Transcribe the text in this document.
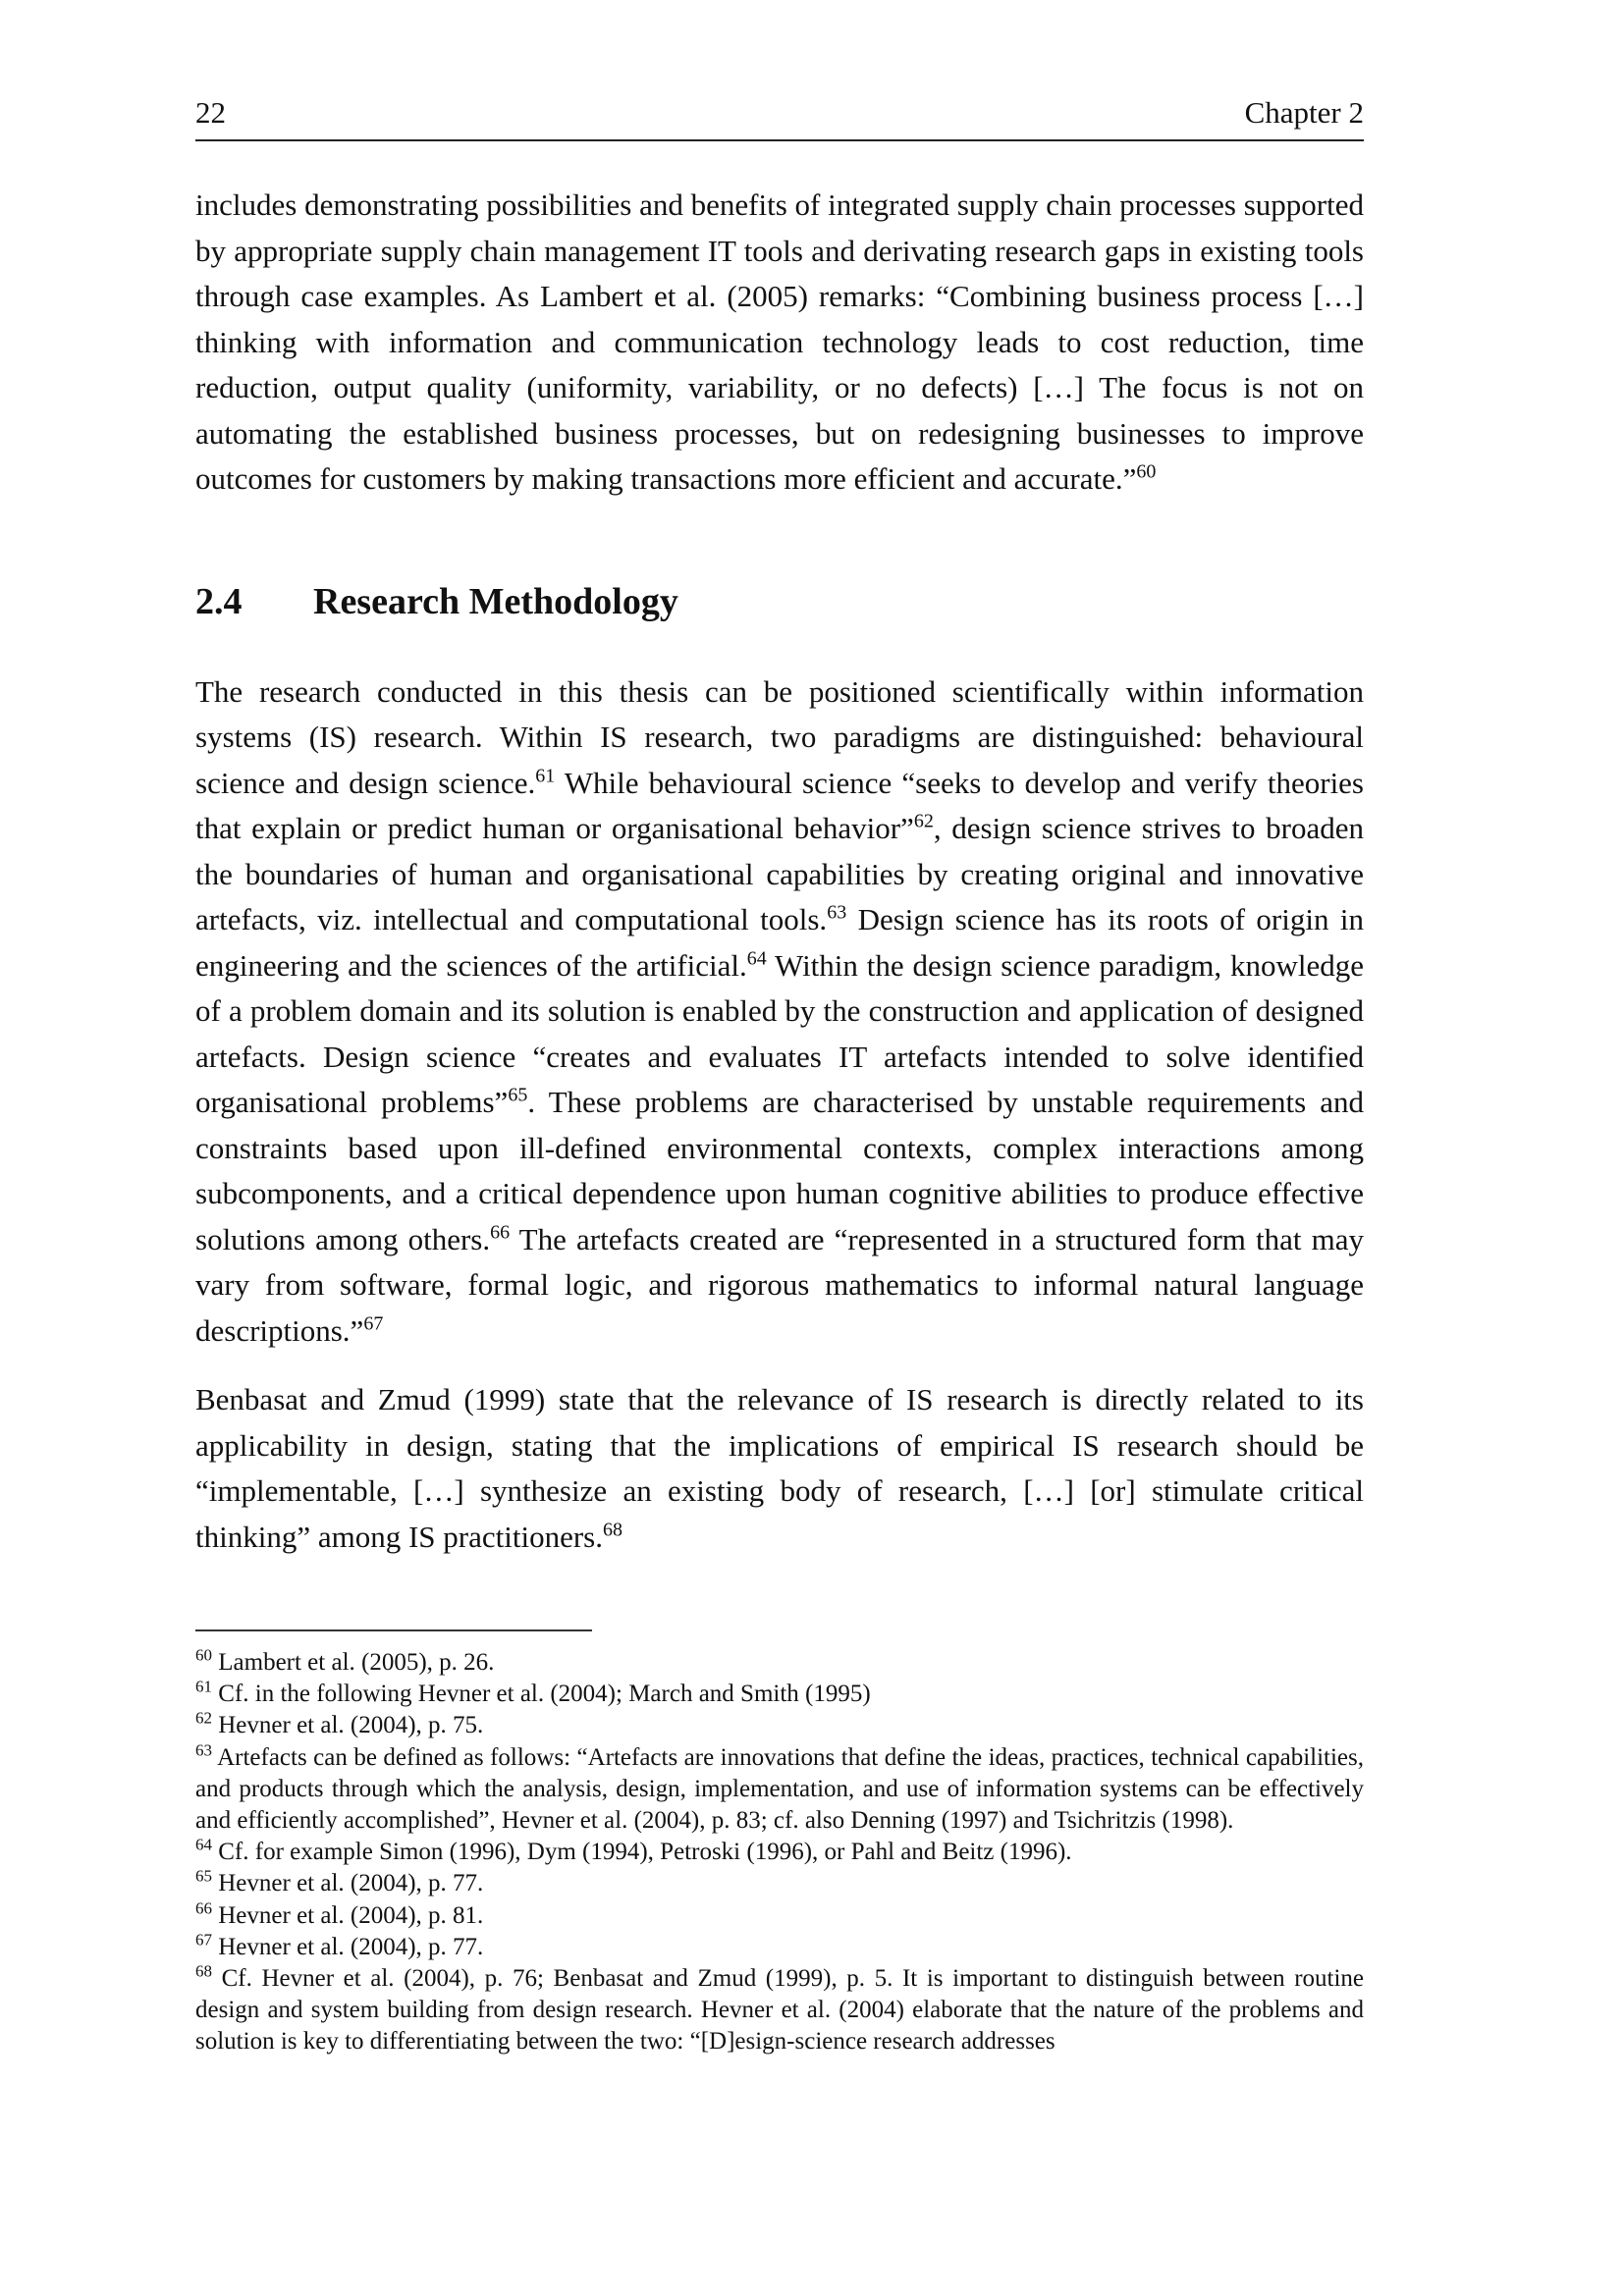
22	Chapter 2

includes demonstrating possibilities and benefits of integrated supply chain processes supported by appropriate supply chain management IT tools and derivating research gaps in existing tools through case examples. As Lambert et al. (2005) remarks: “Combining business process […] thinking with information and communication technology leads to cost reduction, time reduction, output quality (uniformity, variability, or no defects) […] The focus is not on automating the established business processes, but on redesigning businesses to improve outcomes for customers by making transactions more efficient and accurate.”$^{60}$

2.4	Research Methodology

The research conducted in this thesis can be positioned scientifically within information systems (IS) research. Within IS research, two paradigms are distinguished: behavioural science and design science.$^{61}$ While behavioural science “seeks to develop and verify theories that explain or predict human or organisational behavior”$^{62}$, design science strives to broaden the boundaries of human and organisational capabilities by creating original and innovative artefacts, viz. intellectual and computational tools.$^{63}$ Design science has its roots of origin in engineering and the sciences of the artificial.$^{64}$ Within the design science paradigm, knowledge of a problem domain and its solution is enabled by the construction and application of designed artefacts. Design science “creates and evaluates IT artefacts intended to solve identified organisational problems”$^{65}$. These problems are characterised by unstable requirements and constraints based upon ill-defined environmental contexts, complex interactions among subcomponents, and a critical dependence upon human cognitive abilities to produce effective solutions among others.$^{66}$ The artefacts created are “represented in a structured form that may vary from software, formal logic, and rigorous mathematics to informal natural language descriptions.”$^{67}$

Benbasat and Zmud (1999) state that the relevance of IS research is directly related to its applicability in design, stating that the implications of empirical IS research should be “implementable, […] synthesize an existing body of research, […] [or] stimulate critical thinking” among IS practitioners.$^{68}$

$^{60}$ Lambert et al. (2005), p. 26.

$^{61}$ Cf. in the following Hevner et al. (2004); March and Smith (1995)

$^{62}$ Hevner et al. (2004), p. 75.

$^{63}$ Artefacts can be defined as follows: “Artefacts are innovations that define the ideas, practices, technical capabilities, and products through which the analysis, design, implementation, and use of information systems can be effectively and efficiently accomplished”, Hevner et al. (2004), p. 83; cf. also Denning (1997) and Tsichritzis (1998).

$^{64}$ Cf. for example Simon (1996), Dym (1994), Petroski (1996), or Pahl and Beitz (1996).

$^{65}$ Hevner et al. (2004), p. 77.

$^{66}$ Hevner et al. (2004), p. 81.

$^{67}$ Hevner et al. (2004), p. 77.

$^{68}$ Cf. Hevner et al. (2004), p. 76; Benbasat and Zmud (1999), p. 5. It is important to distinguish between routine design and system building from design research. Hevner et al. (2004) elaborate that the nature of the problems and solution is key to differentiating between the two: “[D]esign-science research addresses
